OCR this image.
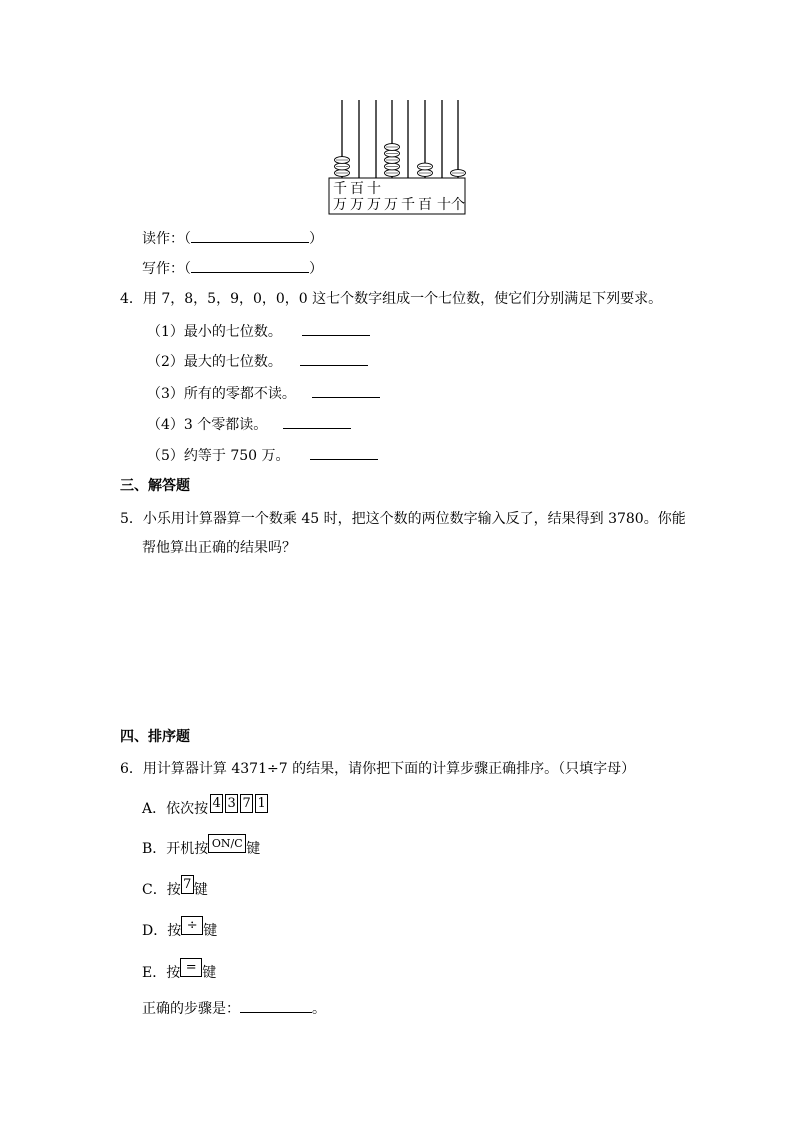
千 百 十
万 万 万 万 千 百 十 个
读作：（	）
写作：（	）
4．用 7，8，5，9，0，0，0 这七个数字组成一个七位数，使它们分别满足下列要求。
（1）最小的七位数。
（2）最大的七位数。
（3）所有的零都不读。
（4）3 个零都读。
（5）约等于 750 万。
三、解答题
5．小乐用计算器算一个数乘 45 时，把这个数的两位数字输入反了，结果得到 3780。你能
帮他算出正确的结果吗？
四、排序题
6．用计算器计算 4371÷7 的结果，请你把下面的计算步骤正确排序。（只填字母）
A．依次按 4 3 7 1
B．开机按 ON/C 键
C．按 7 键
D．按 ÷ 键
E．按 = 键
正确的步骤是：	。
